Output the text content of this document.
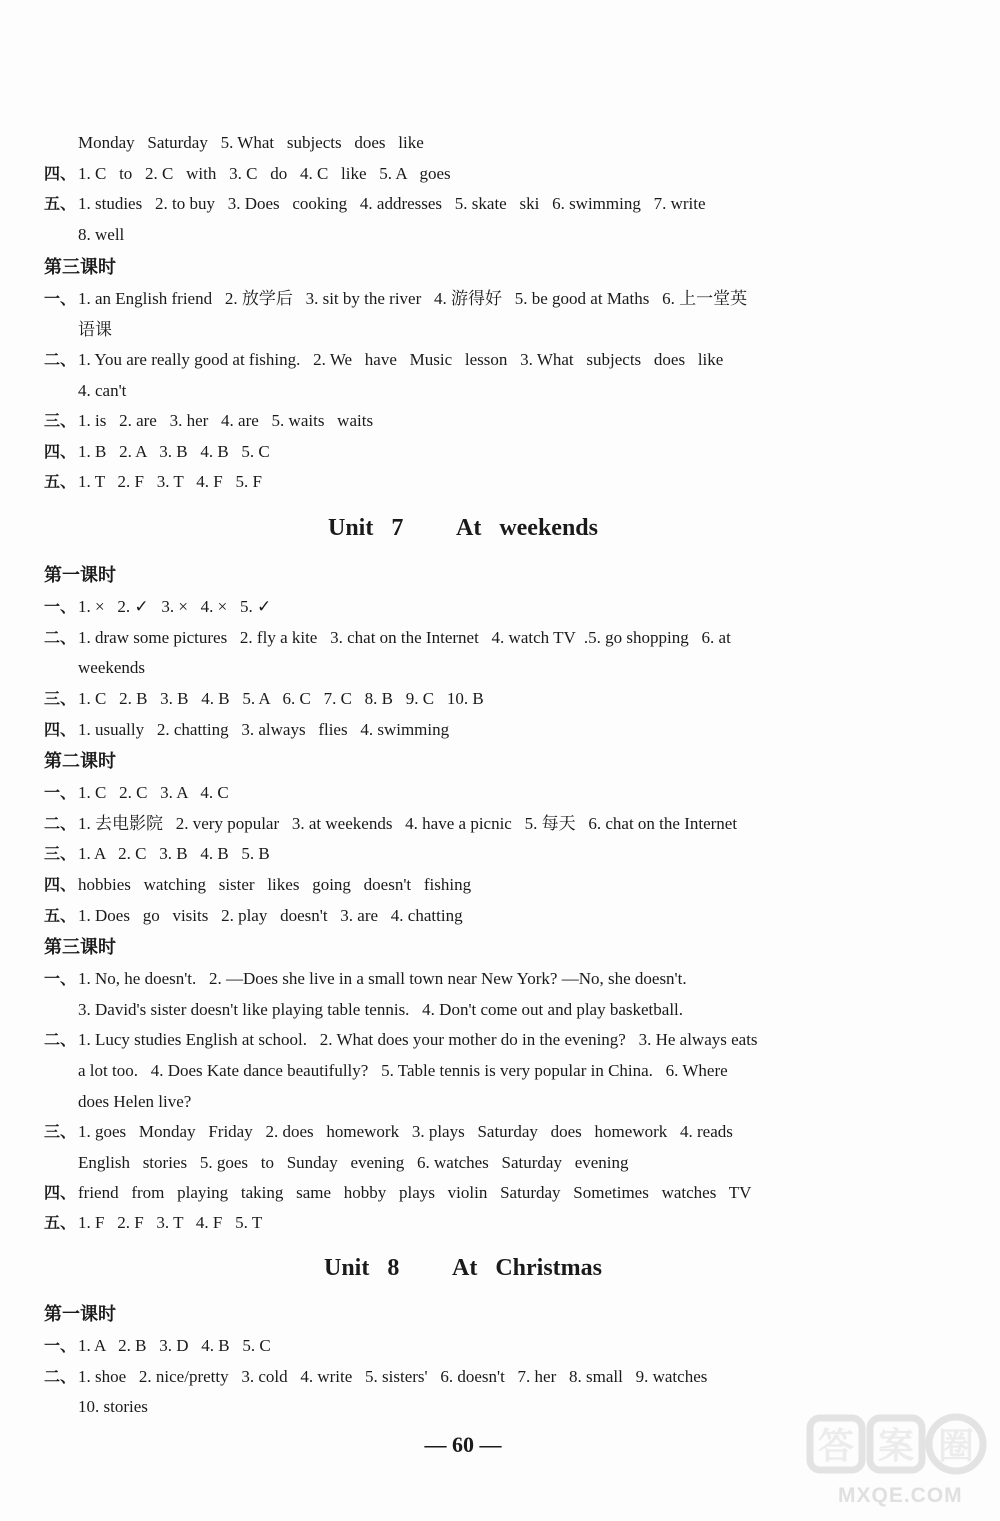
Monday   Saturday   5. What   subjects   does   like
四、 1. C   to   2. C   with   3. C   do   4. C   like   5. A   goes
五、 1. studies   2. to buy   3. Does   cooking   4. addresses   5. skate   ski   6. swimming   7. write
8. well
第三课时
一、 1. an English friend   2. 放学后   3. sit by the river   4. 游得好   5. be good at Maths   6. 上一堂英
语课
二、 1. You are really good at fishing.   2. We   have   Music   lesson   3. What   subjects   does   like
4. can't
三、 1. is   2. are   3. her   4. are   5. waits   waits
四、 1. B   2. A   3. B   4. B   5. C
五、 1. T   2. F   3. T   4. F   5. F
Unit 7   At weekends
第一课时
一、 1. ×   2. ✓   3. ×   4. ×   5. ✓
二、 1. draw some pictures   2. fly a kite   3. chat on the Internet   4. watch TV  .5. go shopping   6. at
weekends
三、 1. C   2. B   3. B   4. B   5. A   6. C   7. C   8. B   9. C   10. B
四、 1. usually   2. chatting   3. always   flies   4. swimming
第二课时
一、 1. C   2. C   3. A   4. C
二、 1. 去电影院   2. very popular   3. at weekends   4. have a picnic   5. 每天   6. chat on the Internet
三、 1. A   2. C   3. B   4. B   5. B
四、 hobbies   watching   sister   likes   going   doesn't   fishing
五、 1. Does   go   visits   2. play   doesn't   3. are   4. chatting
第三课时
一、 1. No, he doesn't.   2. —Does she live in a small town near New York? —No, she doesn't.
3. David's sister doesn't like playing table tennis.   4. Don't come out and play basketball.
二、 1. Lucy studies English at school.   2. What does your mother do in the evening?   3. He always eats
a lot too.   4. Does Kate dance beautifully?   5. Table tennis is very popular in China.   6. Where
does Helen live?
三、 1. goes   Monday   Friday   2. does   homework   3. plays   Saturday   does   homework   4. reads
English   stories   5. goes   to   Sunday   evening   6. watches   Saturday   evening
四、 friend   from   playing   taking   same   hobby   plays   violin   Saturday   Sometimes   watches   TV
五、 1. F   2. F   3. T   4. F   5. T
Unit 8   At Christmas
第一课时
一、 1. A   2. B   3. D   4. B   5. C
二、 1. shoe   2. nice/pretty   3. cold   4. write   5. sisters'   6. doesn't   7. her   8. small   9. watches
10. stories
— 60 —	答 案 圈
MXQE.COM
